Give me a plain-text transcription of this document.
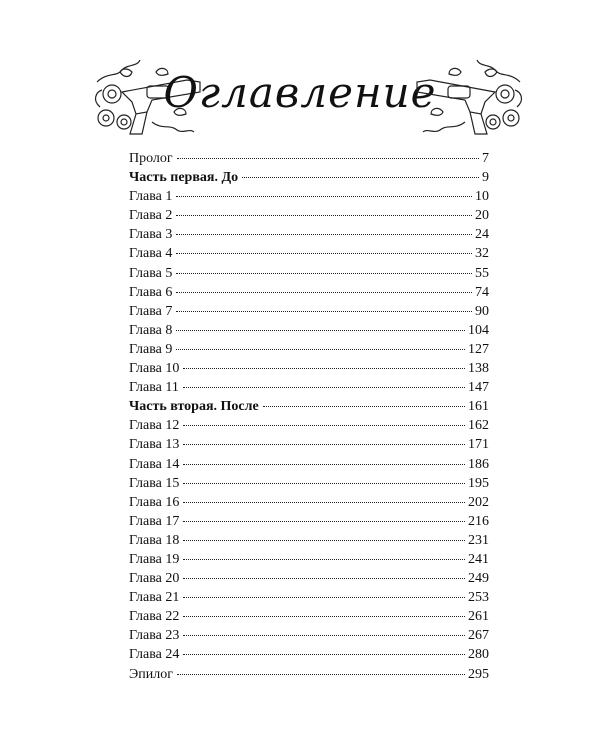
Оглавление
Пролог	7
Часть первая. До	9
Глава 1	10
Глава 2	20
Глава 3	24
Глава 4	32
Глава 5	55
Глава 6	74
Глава 7	90
Глава 8	104
Глава 9	127
Глава 10	138
Глава 11	147
Часть вторая. После	161
Глава 12	162
Глава 13	171
Глава 14	186
Глава 15	195
Глава 16	202
Глава 17	216
Глава 18	231
Глава 19	241
Глава 20	249
Глава 21	253
Глава 22	261
Глава 23	267
Глава 24	280
Эпилог	295
